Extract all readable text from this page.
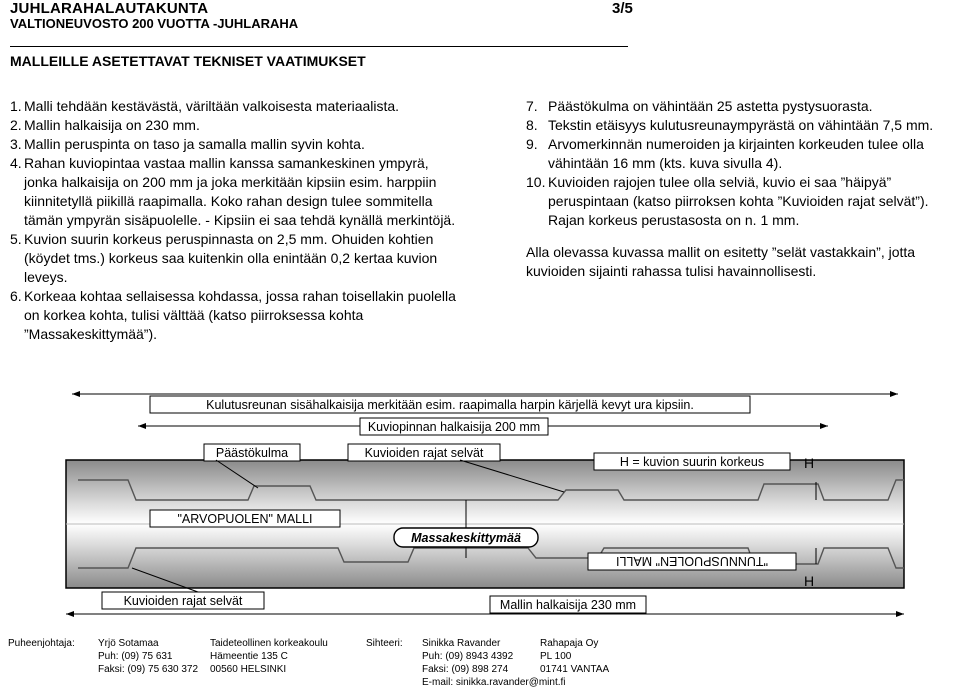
JUHLARAHALAUTAKUNTA
VALTIONEUVOSTO 200 VUOTTA -JUHLARAHA
3/5
MALLEILLE ASETETTAVAT TEKNISET VAATIMUKSET
1. Malli tehdään kestävästä, väriltään valkoisesta materiaalista.
2. Mallin halkaisija on 230 mm.
3. Mallin peruspinta on taso ja samalla mallin syvin kohta.
4. Rahan kuviopintaa vastaa mallin kanssa samankeskinen ympyrä, jonka halkaisija on 200 mm ja joka merkitään kipsiin esim. harppiin kiinnitetyllä piikillä raapimalla. Koko rahan design tulee sommitella tämän ympyrän sisäpuolelle. - Kipsiin ei saa tehdä kynällä merkintöjä.
5. Kuvion suurin korkeus peruspinnasta on 2,5 mm. Ohuiden kohtien (köydet tms.) korkeus saa kuitenkin olla enintään 0,2 kertaa kuvion leveys.
6. Korkeaa kohtaa sellaisessa kohdassa, jossa rahan toisellakin puolella on korkea kohta, tulisi välttää (katso piirroksessa kohta ”Massakeskittymää”).
7. Päästökulma on vähintään 25 astetta pystysuorasta.
8. Tekstin etäisyys kulutusreunaympyrästä on vähintään 7,5 mm.
9. Arvomerkinnän numeroiden ja kirjainten korkeuden tulee olla vähintään 16 mm (kts. kuva sivulla 4).
10. Kuvioiden rajojen tulee olla selviä, kuvio ei saa ”häipyä” peruspintaan (katso piirroksen kohta ”Kuvioiden rajat selvät”). Rajan korkeus perustasosta on n. 1 mm.
Alla olevassa kuvassa mallit on esitetty ”selät vastakkain”, jotta kuvioiden sijainti rahassa tulisi havainnollisesti.
Kulutusreunan sisähalkaisija merkitään esim. raapimalla harpin kärjellä kevyt ura kipsiin.
Kuviopinnan halkaisija 200 mm
Päästökulma	Kuvioiden rajat selvät
H = kuvion suurin korkeus	H
"ARVOPUOLEN" MALLI
Massakeskittymää
"TUNNUSPUOLEN" MALLI
H
Kuvioiden rajat selvät	Mallin halkaisija 230 mm
Puheenjohtaja: Yrjö Sotamaa
Puh: (09) 75 631
Faksi: (09) 75 630 372
Taideteollinen korkeakoulu
Hämeentie 135 C
00560 HELSINKI
Sihteeri: Sinikka Ravander
Puh: (09) 8943 4392
Faksi: (09) 898 274
E-mail: sinikka.ravander@mint.fi
Rahapaja Oy
PL 100
01741 VANTAA
